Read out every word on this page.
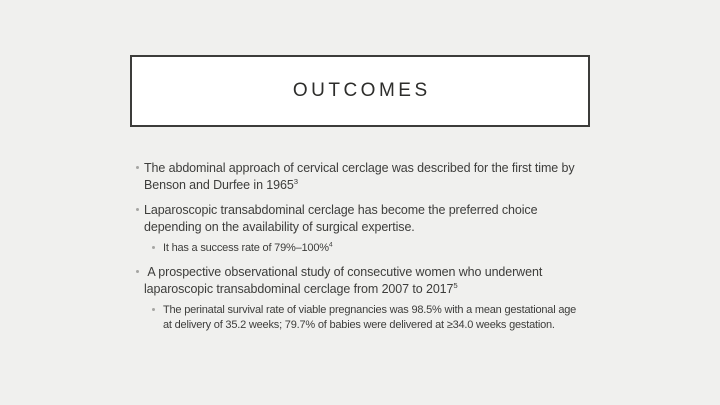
OUTCOMES
The abdominal approach of cervical cerclage was described for the first time by
Benson and Durfee in 1965$^3$
Laparoscopic transabdominal cerclage has become the preferred choice
depending on the availability of surgical expertise.
It has a success rate of 79%–100%$^4$
A prospective observational study of consecutive women who underwent
laparoscopic transabdominal cerclage from 2007 to 2017$^5$
The perinatal survival rate of viable pregnancies was 98.5% with a mean gestational age
at delivery of 35.2 weeks; 79.7% of babies were delivered at ≥34.0 weeks gestation.
